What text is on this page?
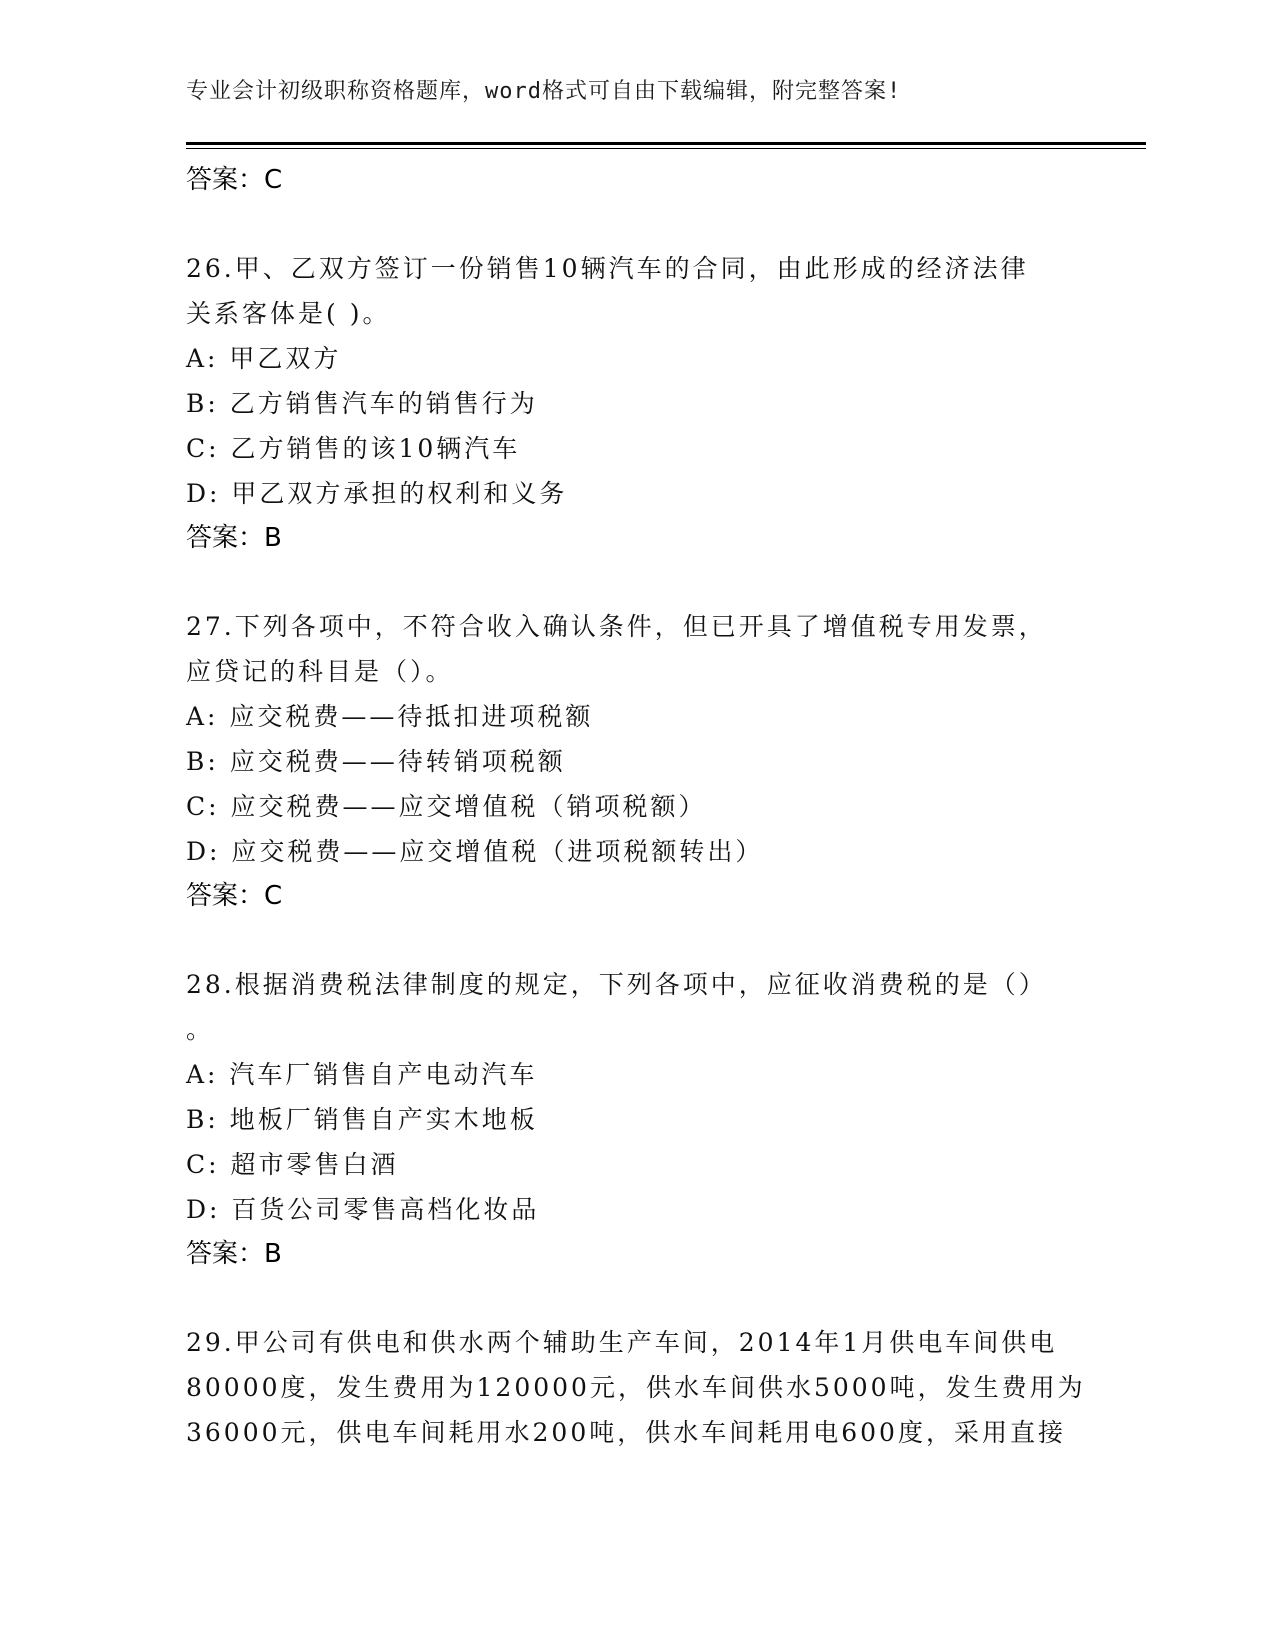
专业会计初级职称资格题库，word格式可自由下载编辑，附完整答案!
答案：C
26.甲、乙双方签订一份销售10辆汽车的合同，由此形成的经济法律
关系客体是( )。
A: 甲乙双方
B: 乙方销售汽车的销售行为
C: 乙方销售的该10辆汽车
D: 甲乙双方承担的权利和义务
答案：B
27.下列各项中，不符合收入确认条件，但已开具了增值税专用发票，
应贷记的科目是（）。
A: 应交税费——待抵扣进项税额
B: 应交税费——待转销项税额
C: 应交税费——应交增值税（销项税额）
D: 应交税费——应交增值税（进项税额转出）
答案：C
28.根据消费税法律制度的规定，下列各项中，应征收消费税的是（）
。
A: 汽车厂销售自产电动汽车
B: 地板厂销售自产实木地板
C: 超市零售白酒
D: 百货公司零售高档化妆品
答案：B
29.甲公司有供电和供水两个辅助生产车间，2014年1月供电车间供电
80000度，发生费用为120000元，供水车间供水5000吨，发生费用为
36000元，供电车间耗用水200吨，供水车间耗用电600度，采用直接
